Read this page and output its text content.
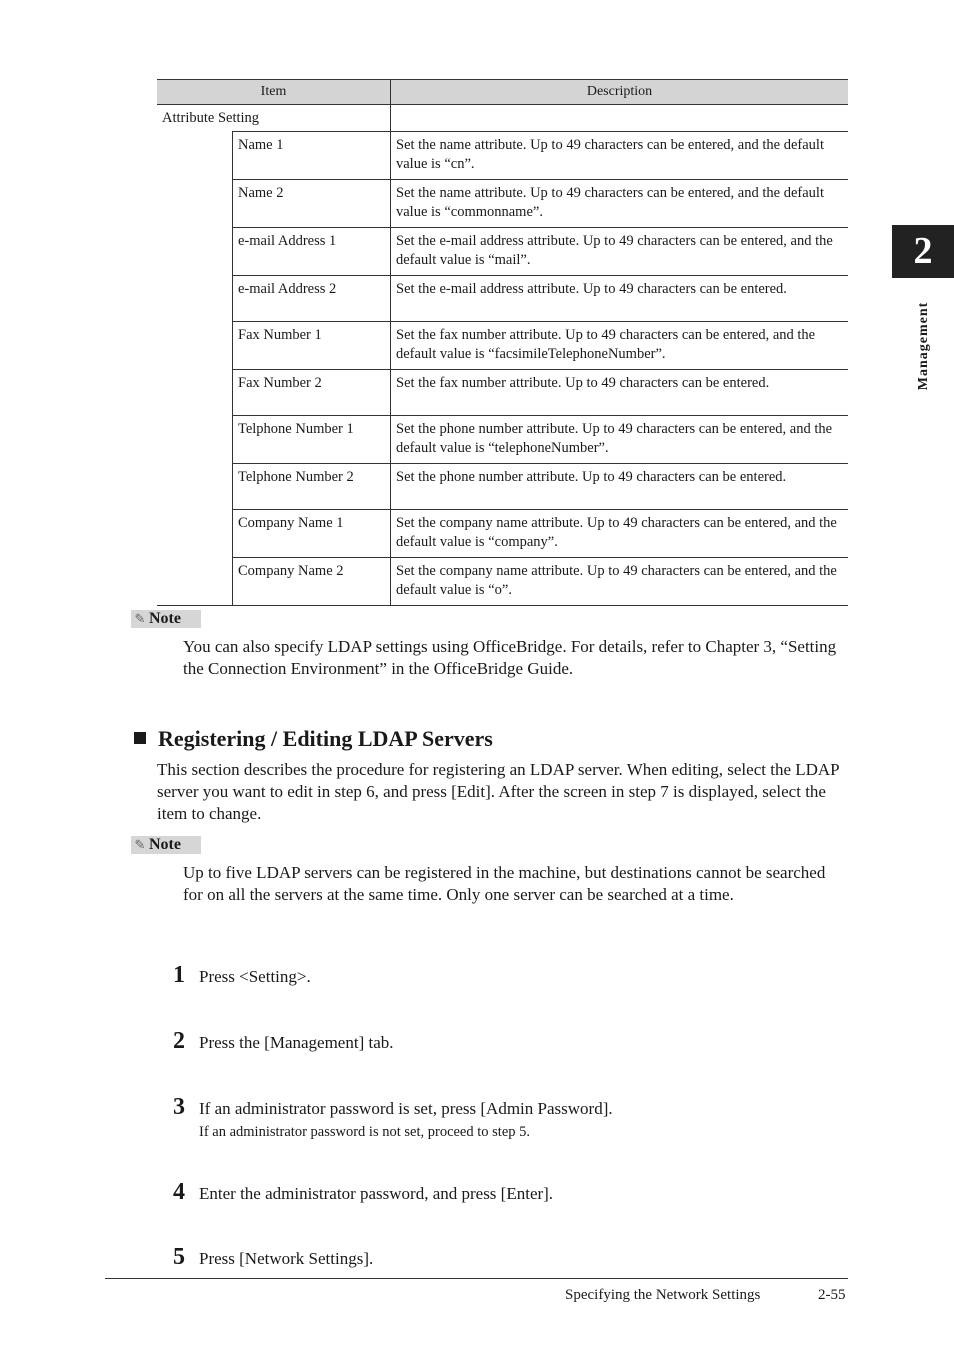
Item		Description
Attribute Setting		
	Name 1	Set the name attribute. Up to 49 characters can be entered, and the default value is “cn”.
	Name 2	Set the name attribute. Up to 49 characters can be entered, and the default value is “commonname”.
	e-mail Address 1	Set the e-mail address attribute. Up to 49 characters can be entered, and the default value is “mail”.
	e-mail Address 2	Set the e-mail address attribute. Up to 49 characters can be entered.
	Fax Number 1	Set the fax number attribute. Up to 49 characters can be entered, and the default value is “facsimileTelephoneNumber”.
	Fax Number 2	Set the fax number attribute. Up to 49 characters can be entered.
	Telphone Number 1	Set the phone number attribute. Up to 49 characters can be entered, and the default value is “telephoneNumber”.
	Telphone Number 2	Set the phone number attribute. Up to 49 characters can be entered.
	Company Name 1	Set the company name attribute. Up to 49 characters can be entered, and the default value is “company”.
	Company Name 2	Set the company name attribute. Up to 49 characters can be entered, and the default value is “o”.
2
Management
✎ Note
You can also specify LDAP settings using OfficeBridge. For details, refer to Chapter 3, “Setting the Connection Environment” in the OfficeBridge Guide.
Registering / Editing LDAP Servers
This section describes the procedure for registering an LDAP server. When editing, select the LDAP server you want to edit in step 6, and press [Edit]. After the screen in step 7 is displayed, select the item to change.
✎ Note
Up to five LDAP servers can be registered in the machine, but destinations cannot be searched for on all the servers at the same time. Only one server can be searched at a time.
1 Press <Setting>.
2 Press the [Management] tab.
3 If an administrator password is set, press [Admin Password].
If an administrator password is not set, proceed to step 5.
4 Enter the administrator password, and press [Enter].
5 Press [Network Settings].
Specifying the Network Settings	2-55
